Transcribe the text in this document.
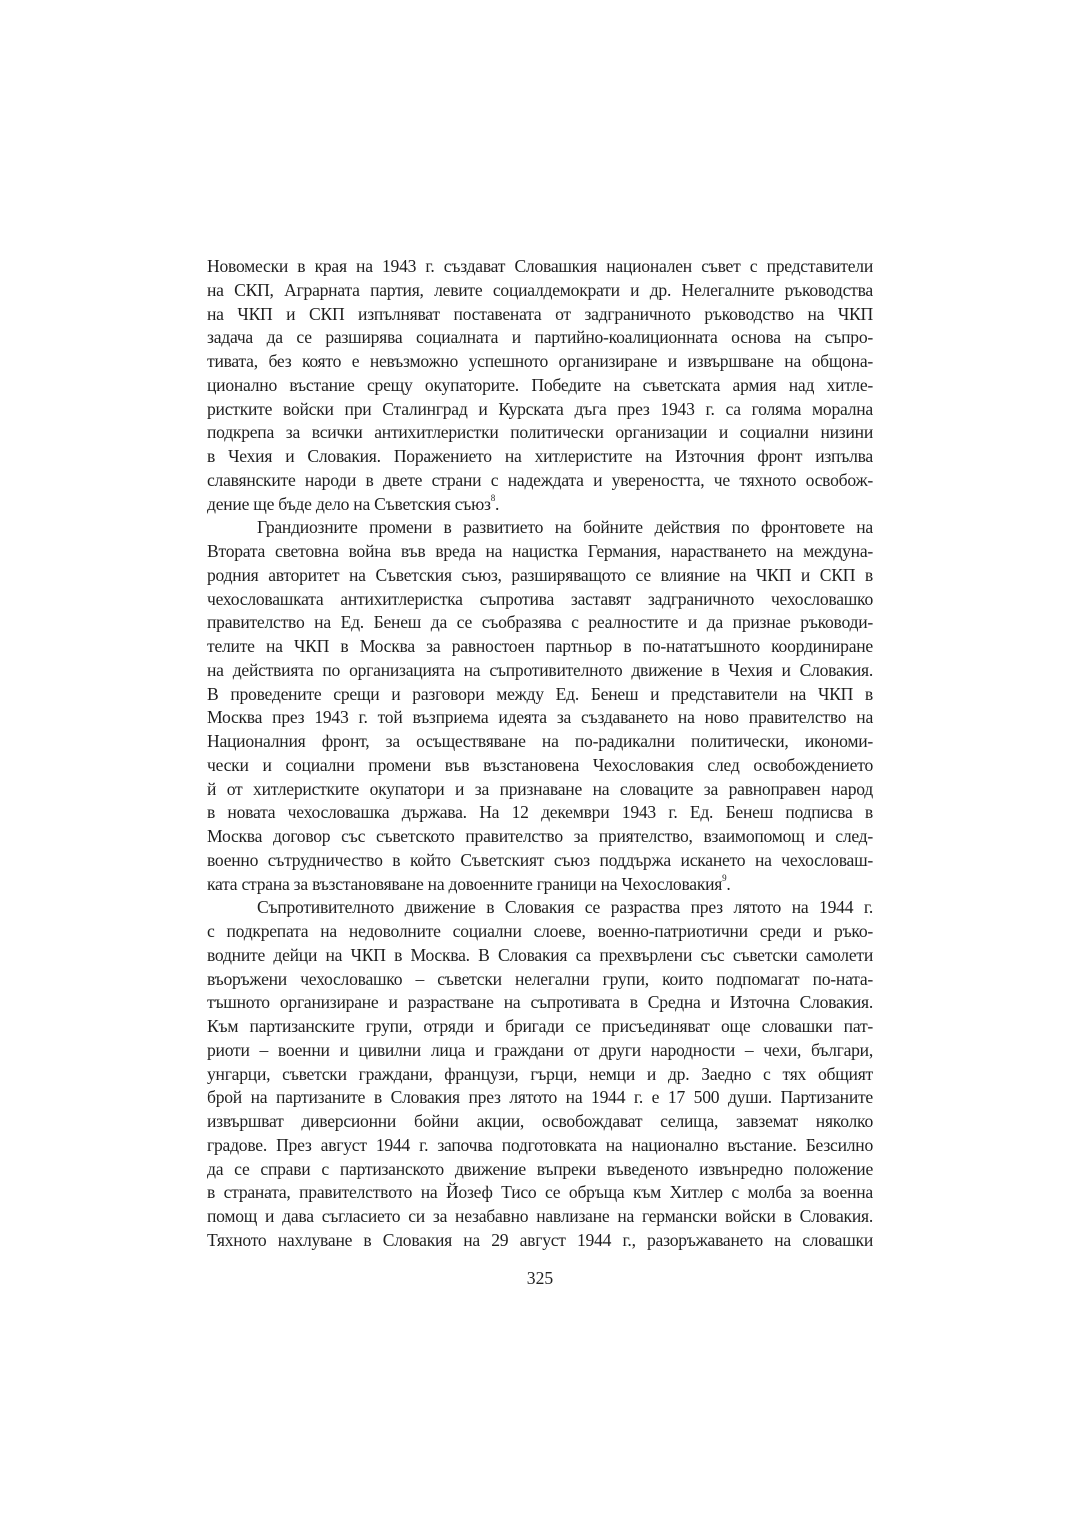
Новомески в края на 1943 г. създават Словашкия национален съвет с представители
на СКП, Аграрната партия, левите социалдемократи и др. Нелегалните ръководства
на ЧКП и СКП изпълняват поставената от задграничното ръководство на ЧКП
задача да се разширява социалната и партийно-коалиционната основа на съпро-
тивата, без която е невъзможно успешното организиране и извършване на общона-
ционално въстание срещу окупаторите. Победите на съветската армия над хитле-
ристките войски при Сталинград и Курската дъга през 1943 г. са голяма морална
подкрепа за всички антихитлеристки политически организации и социални низини
в Чехия и Словакия. Поражението на хитлеристите на Източния фронт изпълва
славянските народи в двете страни с надеждата и увереността, че тяхното освобож-
дение ще бъде дело на Съветския съюз$^8$.
Грандиозните промени в развитието на бойните действия по фронтовете на
Втората световна война във вреда на нацистка Германия, нарастването на междуна-
родния авторитет на Съветския съюз, разширяващото се влияние на ЧКП и СКП в
чехословашката антихитлеристка съпротива заставят задграничното чехословашко
правителство на Ед. Бенеш да се съобразява с реалностите и да признае ръководи-
телите на ЧКП в Москва за равностоен партньор в по-нататъшното координиране
на действията по организацията на съпротивителното движение в Чехия и Словакия.
В проведените срещи и разговори между Ед. Бенеш и представители на ЧКП в
Москва през 1943 г. той възприема идеята за създаването на ново правителство на
Националния фронт, за осъществяване на по-радикални политически, икономи-
чески и социални промени във възстановена Чехословакия след освобождението
й от хитлеристките окупатори и за признаване на словаците за равноправен народ
в новата чехословашка държава. На 12 декември 1943 г. Ед. Бенеш подписва в
Москва договор със съветското правителство за приятелство, взаимопомощ и след-
военно сътрудничество в който Съветският съюз поддържа искането на чехословаш-
ката страна за възстановяване на довоенните граници на Чехословакия$^9$.
Съпротивителното движение в Словакия се разраства през лятото на 1944 г.
с подкрепата на недоволните социални слоеве, военно-патриотични среди и ръко-
водните дейци на ЧКП в Москва. В Словакия са прехвърлени със съветски самолети
въоръжени чехословашко – съветски нелегални групи, които подпомагат по-ната-
тъшното организиране и разрастване на съпротивата в Средна и Източна Словакия.
Към партизанските групи, отряди и бригади се присъединяват още словашки пат-
риоти – военни и цивилни лица и граждани от други народности – чехи, българи,
унгарци, съветски граждани, французи, гърци, немци и др. Заедно с тях общият
брой на партизаните в Словакия през лятото на 1944 г. е 17 500 души. Партизаните
извършват диверсионни бойни акции, освобождават селища, завземат няколко
градове. През август 1944 г. започва подготовката на национално въстание. Безсилно
да се справи с партизанското движение въпреки въведеното извънредно положение
в страната, правителството на Йозеф Тисо се обръща към Хитлер с молба за военна
помощ и дава съгласието си за незабавно навлизане на германски войски в Словакия.
Тяхното нахлуване в Словакия на 29 август 1944 г., разоръжаването на словашки
325
